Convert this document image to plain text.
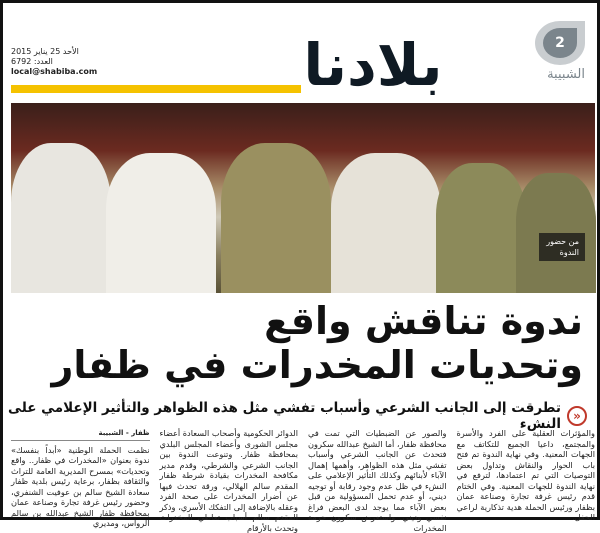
2
الشبيبة
بلادنا
الأحد 25 يناير 2015
العدد: 6792
local@shabiba.com
من حضور الندوة
ندوة تناقش واقع
وتحديات المخدرات في ظفار
«
تطرقت إلى الجانب الشرعي وأسباب تفشي مثل هذه الظواهر والتأثير الإعلامي على النشء
ظفار - الشبيبة
نظمت الحملة الوطنية «أبداً بنفسك» ندوة بعنوان «المخدرات في ظفار.. واقع وتحديات» بمسرح المديرية العامة للتراث والثقافة بظفار، برعاية رئيس بلدية ظفار سعادة الشيخ سالم بن عوفيت الشنفري، وحضور رئيس غرفة تجارة وصناعة عمان بمحافظة ظفار الشيخ عبدالله بن سالم الرواس، ومديري
الدوائر الحكومية وأصحاب السعادة أعضاء مجلس الشورى وأعضاء المجلس البلدي بمحافظة ظفار. وتنوعت الندوة بين الجانب الشرعي والشرطي، وقدم مدير مكافحة المخدرات بقيادة شرطة ظفار المقدم سالم الهلالي، ورقة تحدث فيها عن أضرار المخدرات على صحة الفرد وعقله بالإضافة إلى التفكك الأسري، وذكر المقدم سالم أسباب تعاطي المخدرات وتحدث بالأرقام
والصور عن الضبطيات التي تمت في محافظة ظفار، أما الشيخ عبدالله سكرون فتحدث عن الجانب الشرعي وأسباب تفشي مثل هذه الظواهر، وأهمها إهمال الآباء لأبنائهم وكذلك التأثير الإعلامي على النشء في ظل عدم وجود رقابة أو توجيه ديني، أو عدم تحمل المسؤولية من قبل بعض الآباء مما يوجد لدى البعض فراغ نفسي وديني. واستعرض سكرون حرمة المخدرات
والمؤثرات العقلية على الفرد والأسرة والمجتمع، داعيا الجميع للتكاتف مع الجهات المعنية. وفي نهاية الندوة تم فتح باب الحوار والنقاش وتداول بعض التوصيات التي تم اعتمادها، لترفع في نهاية الندوة للجهات المعنية. وفي الختام قدم رئيس غرفة تجارة وصناعة عمان بظفار ورئيس الحملة هدية تذكارية لراعي الحفل.
